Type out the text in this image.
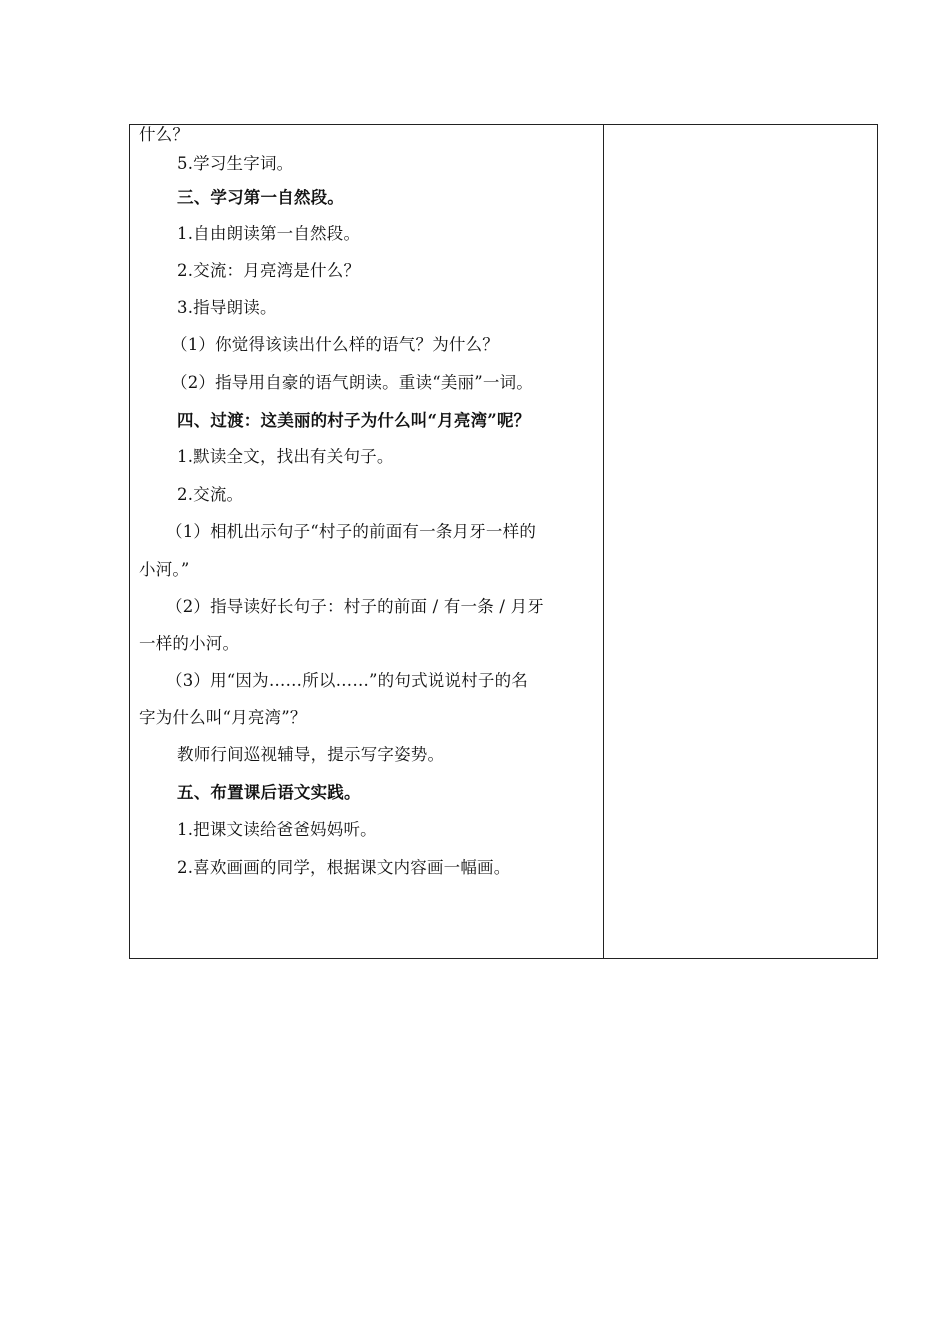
什么？
5.学习生字词。
三、学习第一自然段。
1.自由朗读第一自然段。
2.交流：月亮湾是什么？
3.指导朗读。
（1）你觉得该读出什么样的语气？为什么？
（2）指导用自豪的语气朗读。重读“美丽”一词。
四、过渡：这美丽的村子为什么叫“月亮湾”呢？
1.默读全文，找出有关句子。
2.交流。
（1）相机出示句子“村子的前面有一条月牙一样的
小河。”
（2）指导读好长句子：村子的前面 / 有一条 / 月牙
一样的小河。
（3）用“因为……所以……”的句式说说村子的名
字为什么叫“月亮湾”？
教师行间巡视辅导，提示写字姿势。
五、布置课后语文实践。
1.把课文读给爸爸妈妈听。
2.喜欢画画的同学，根据课文内容画一幅画。
